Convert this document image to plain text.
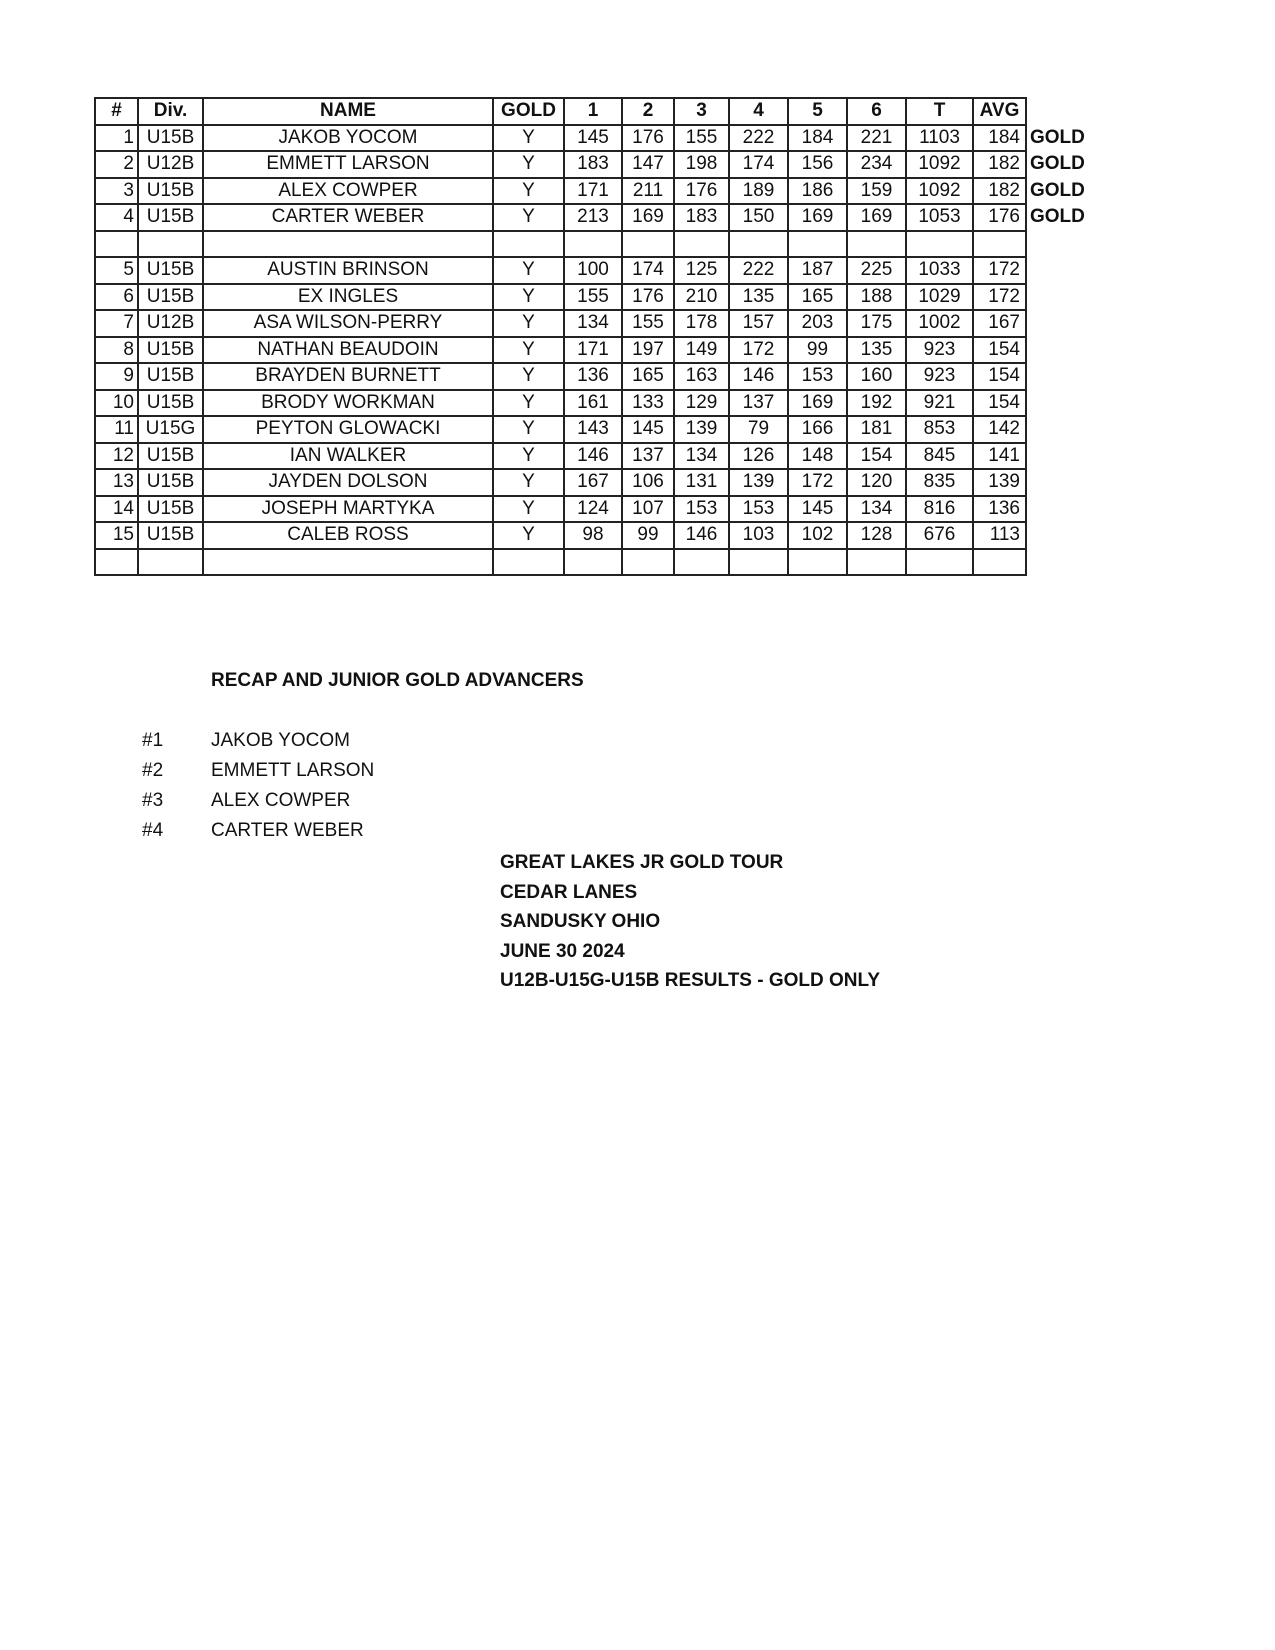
#	Div.	NAME	GOLD	1	2	3	4	5	6	T	AVG	
1	U15B	JAKOB YOCOM	Y	145	176	155	222	184	221	1103	184	GOLD
2	U12B	EMMETT LARSON	Y	183	147	198	174	156	234	1092	182	GOLD
3	U15B	ALEX COWPER	Y	171	211	176	189	186	159	1092	182	GOLD
4	U15B	CARTER WEBER	Y	213	169	183	150	169	169	1053	176	GOLD

5	U15B	AUSTIN BRINSON	Y	100	174	125	222	187	225	1033	172	
6	U15B	EX INGLES	Y	155	176	210	135	165	188	1029	172	
7	U12B	ASA WILSON-PERRY	Y	134	155	178	157	203	175	1002	167	
8	U15B	NATHAN BEAUDOIN	Y	171	197	149	172	99	135	923	154	
9	U15B	BRAYDEN BURNETT	Y	136	165	163	146	153	160	923	154	
10	U15B	BRODY WORKMAN	Y	161	133	129	137	169	192	921	154	
11	U15G	PEYTON GLOWACKI	Y	143	145	139	79	166	181	853	142	
12	U15B	IAN WALKER	Y	146	137	134	126	148	154	845	141	
13	U15B	JAYDEN DOLSON	Y	167	106	131	139	172	120	835	139	
14	U15B	JOSEPH MARTYKA	Y	124	107	153	153	145	134	816	136	
15	U15B	CALEB ROSS	Y	98	99	146	103	102	128	676	113	

RECAP AND JUNIOR GOLD ADVANCERS
#1	JAKOB YOCOM
#2	EMMETT LARSON
#3	ALEX COWPER
#4	CARTER WEBER
GREAT LAKES JR GOLD TOUR
CEDAR LANES
SANDUSKY OHIO
JUNE 30 2024
U12B-U15G-U15B RESULTS - GOLD ONLY
